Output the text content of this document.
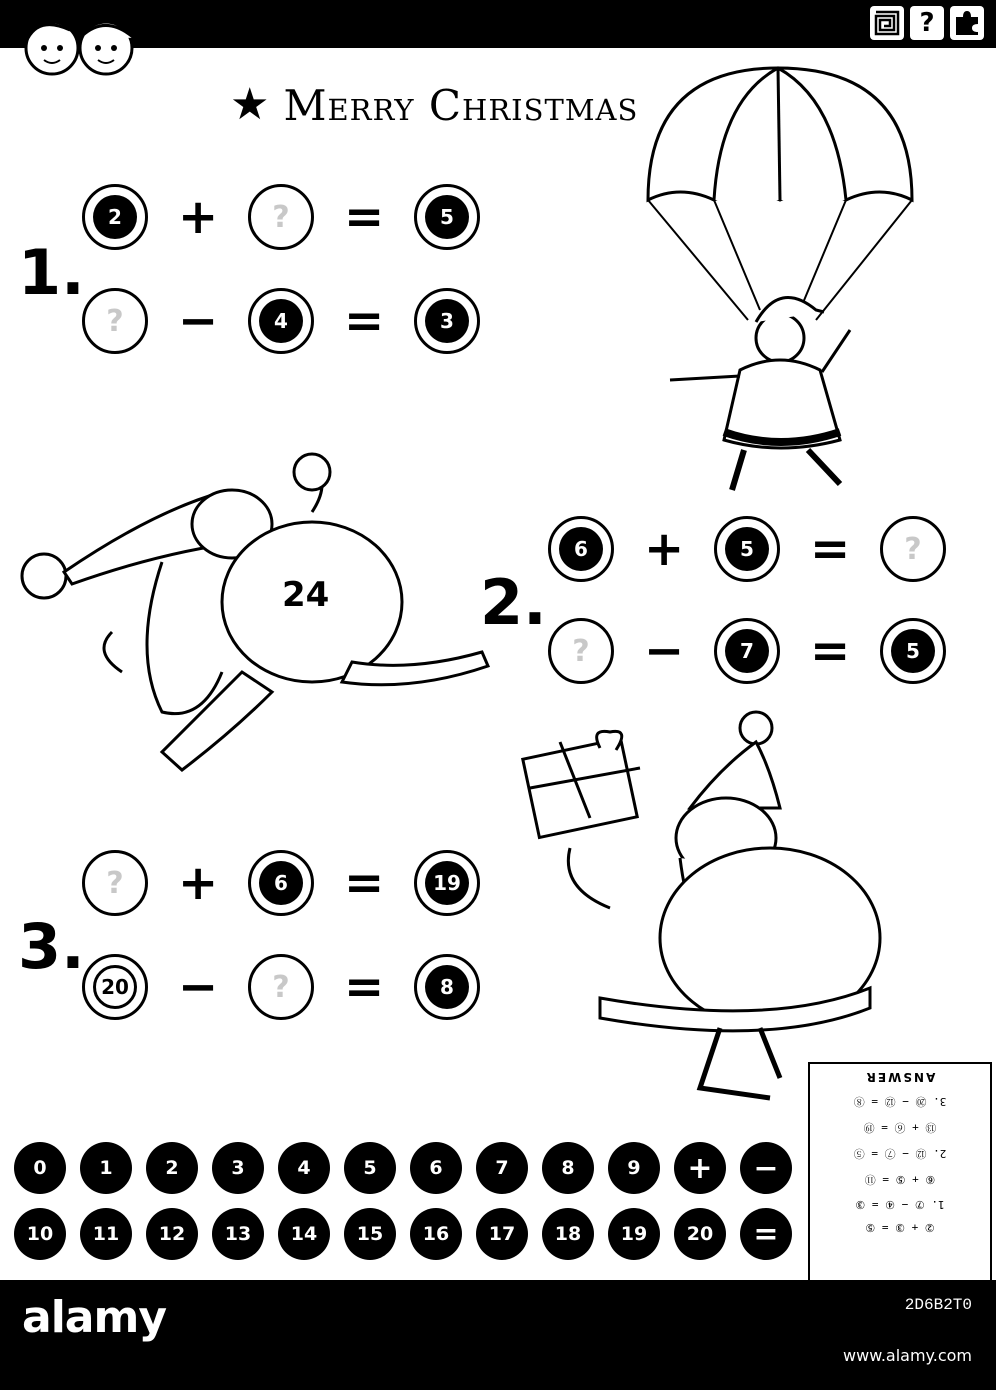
?
★ Merry Christmas
1.
2	+	? =	5
? −	4	=	3
24 2.
6	+	5	=	?
? −	7	=	5
3.
? +	6	=	19
20 −	? =	8
0	1	2	3	4	5	6	7	8	9	+	−
10	11	12	13	14	15	16	17	18	19	20	=
ANSWER
3. ⑳ − ⑫ = ⑧
⑬ + ⑥ = ⑲
2. ⑫ − ⑦ = ⑤
⑥ + ⑤ = ⑪
1. ⑦ − ④ = ③
② + ③ = ⑤
alamy	2D6B2T0
www.alamy.com
